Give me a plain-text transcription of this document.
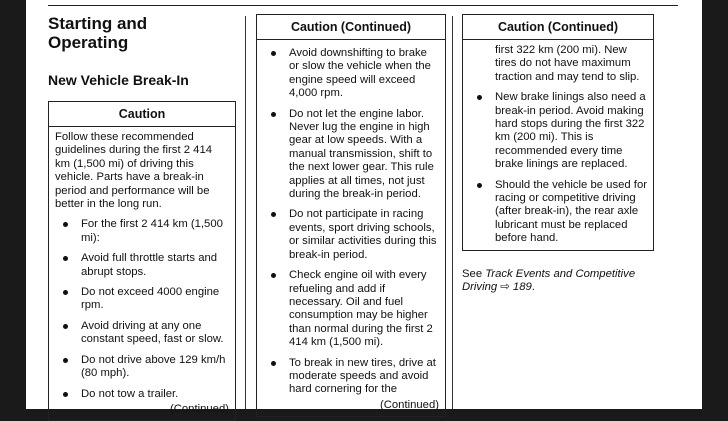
Starting and
Operating
New Vehicle Break-In
Caution

Follow these recommended guidelines during the first 2 414 km (1,500 mi) of driving this vehicle. Parts have a break-in period and performance will be better in the long run.

For the first 2 414 km (1,500 mi):
Avoid full throttle starts and abrupt stops.
Do not exceed 4000 engine rpm.
Avoid driving at any one constant speed, fast or slow.
Do not drive above 129 km/h (80 mph).
Do not tow a trailer.
(Continued)
Caution (Continued)
Avoid downshifting to brake or slow the vehicle when the engine speed will exceed 4,000 rpm.
Do not let the engine labor. Never lug the engine in high gear at low speeds. With a manual transmission, shift to the next lower gear. This rule applies at all times, not just during the break-in period.
Do not participate in racing events, sport driving schools, or similar activities during this break-in period.
Check engine oil with every refueling and add if necessary. Oil and fuel consumption may be higher than normal during the first 2 414 km (1,500 mi).
To break in new tires, drive at moderate speeds and avoid hard cornering for the
(Continued)
Caution (Continued)

first 322 km (200 mi). New tires do not have maximum traction and may tend to slip.

New brake linings also need a break-in period. Avoid making hard stops during the first 322 km (200 mi). This is recommended every time brake linings are replaced.
Should the vehicle be used for racing or competitive driving (after break-in), the rear axle lubricant must be replaced before hand.
See Track Events and Competitive Driving ⇨ 189.
